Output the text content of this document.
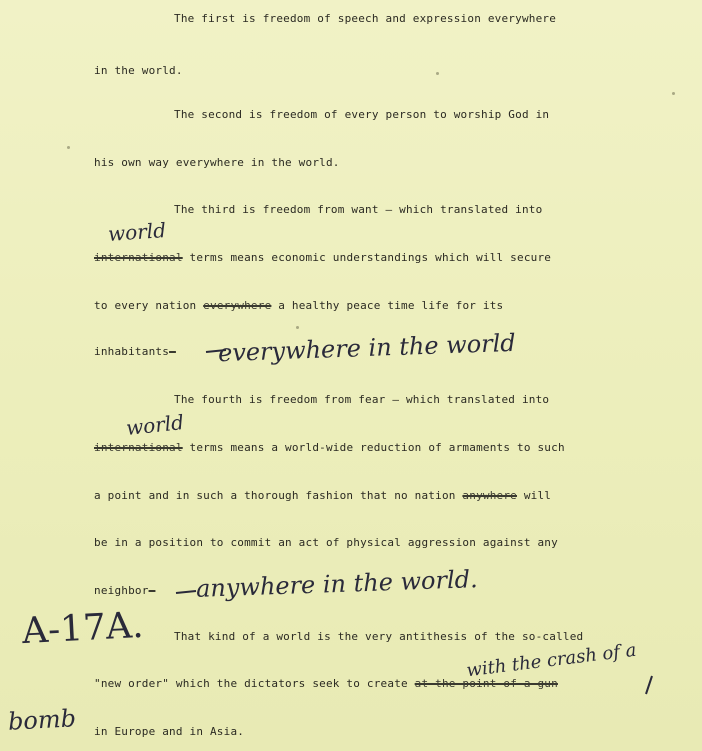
The first is freedom of speech and expression everywhere
in the world.
The second is freedom of every person to worship God in
his own way everywhere in the world.
The third is freedom from want — which translated into
international terms means economic understandings which will secure
to every nation everywhere a healthy peace time life for its
inhabitants—
The fourth is freedom from fear — which translated into
international terms means a world-wide reduction of armaments to such
a point and in such a thorough fashion that no nation anywhere will
be in a position to commit an act of physical aggression against any
neighbor—
That kind of a world is the very antithesis of the so-called
"new order" which the dictators seek to create at the point of a gun
in Europe and in Asia.
world
everywhere in the world
world
anywhere in the world.
A-17A.
with the crash of a
bomb
